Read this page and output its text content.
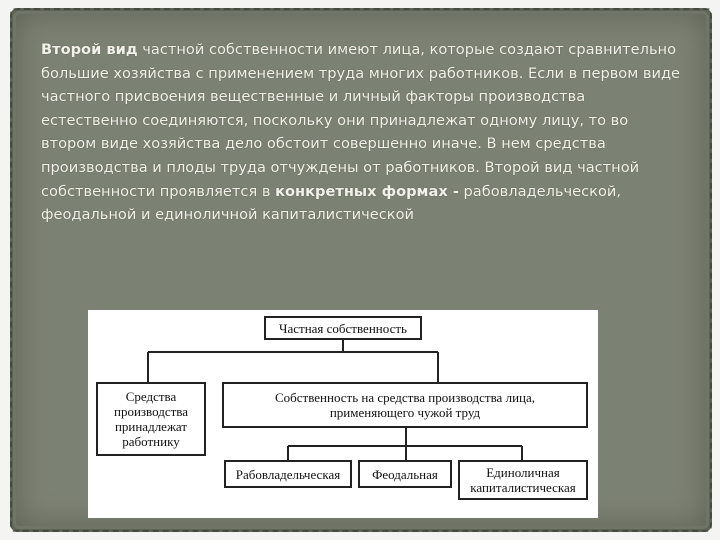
Второй вид частной собственности имеют лица, которые создают сравнительно большие хозяйства с применением труда многих работников. Если в первом виде частного присвоения вещественные и личный факторы производства естественно соединяются, поскольку они принадлежат одному лицу, то во втором виде хозяйства дело обстоит совершенно иначе. В нем средства производства и плоды труда отчуждены от работников. Второй вид частной собственности проявляется в конкретных формах - рабовладельческой, феодальной и единоличной капиталистической

Частная собственность
Средства
производства
принадлежат
работнику
Собственность на средства производства лица,
применяющего чужой труд
Рабовладельческая	Феодальная	Единоличная
капиталистическая
